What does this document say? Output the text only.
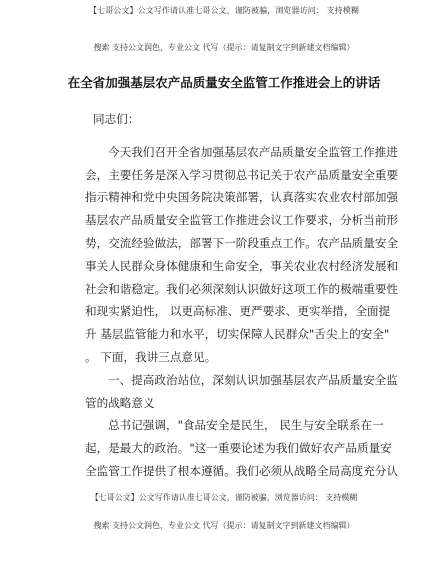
【七哥公文】公文写作请认准七哥公文，谨防被骗，浏览器访问： 支持模糊
搜索 支持公文润色，专业公文 代写（提示：请复制文字到新建文档编辑）
在全省加强基层农产品质量安全监管工作推进会上的讲话

同志们：

今天我们召开全省加强基层农产品质量安全监管工作推进

会，主要任务是深入学习贯彻总书记关于农产品质量安全重要

指示精神和党中央国务院决策部署，认真落实农业农村部加强

基层农产品质量安全监管工作推进会议工作要求，分析当前形

势，交流经验做法，部署下一阶段重点工作。农产品质量安全

事关人民群众身体健康和生命安全，事关农业农村经济发展和

社会和谐稳定。我们必须深刻认识做好这项工作的极端重要性

和现实紧迫性， 以更高标准、更严要求、更实举措，全面提

升 基层监管能力和水平，切实保障人民群众"舌尖上的安全"

。 下面，我讲三点意见。

一、提高政治站位，深刻认识加强基层农产品质量安全监

管的战略意义

总书记强调，"食品安全是民生， 民生与安全联系在一

起，是最大的政治。"这一重要论述为我们做好农产品质量安

全监管工作提供了根本遵循。我们必须从战略全局高度充分认

【七哥公文】公文写作请认准七哥公文，谨防被骗，浏览器访问： 支持模糊
搜索 支持公文润色，专业公文 代写（提示：请复制文字到新建文档编辑）
